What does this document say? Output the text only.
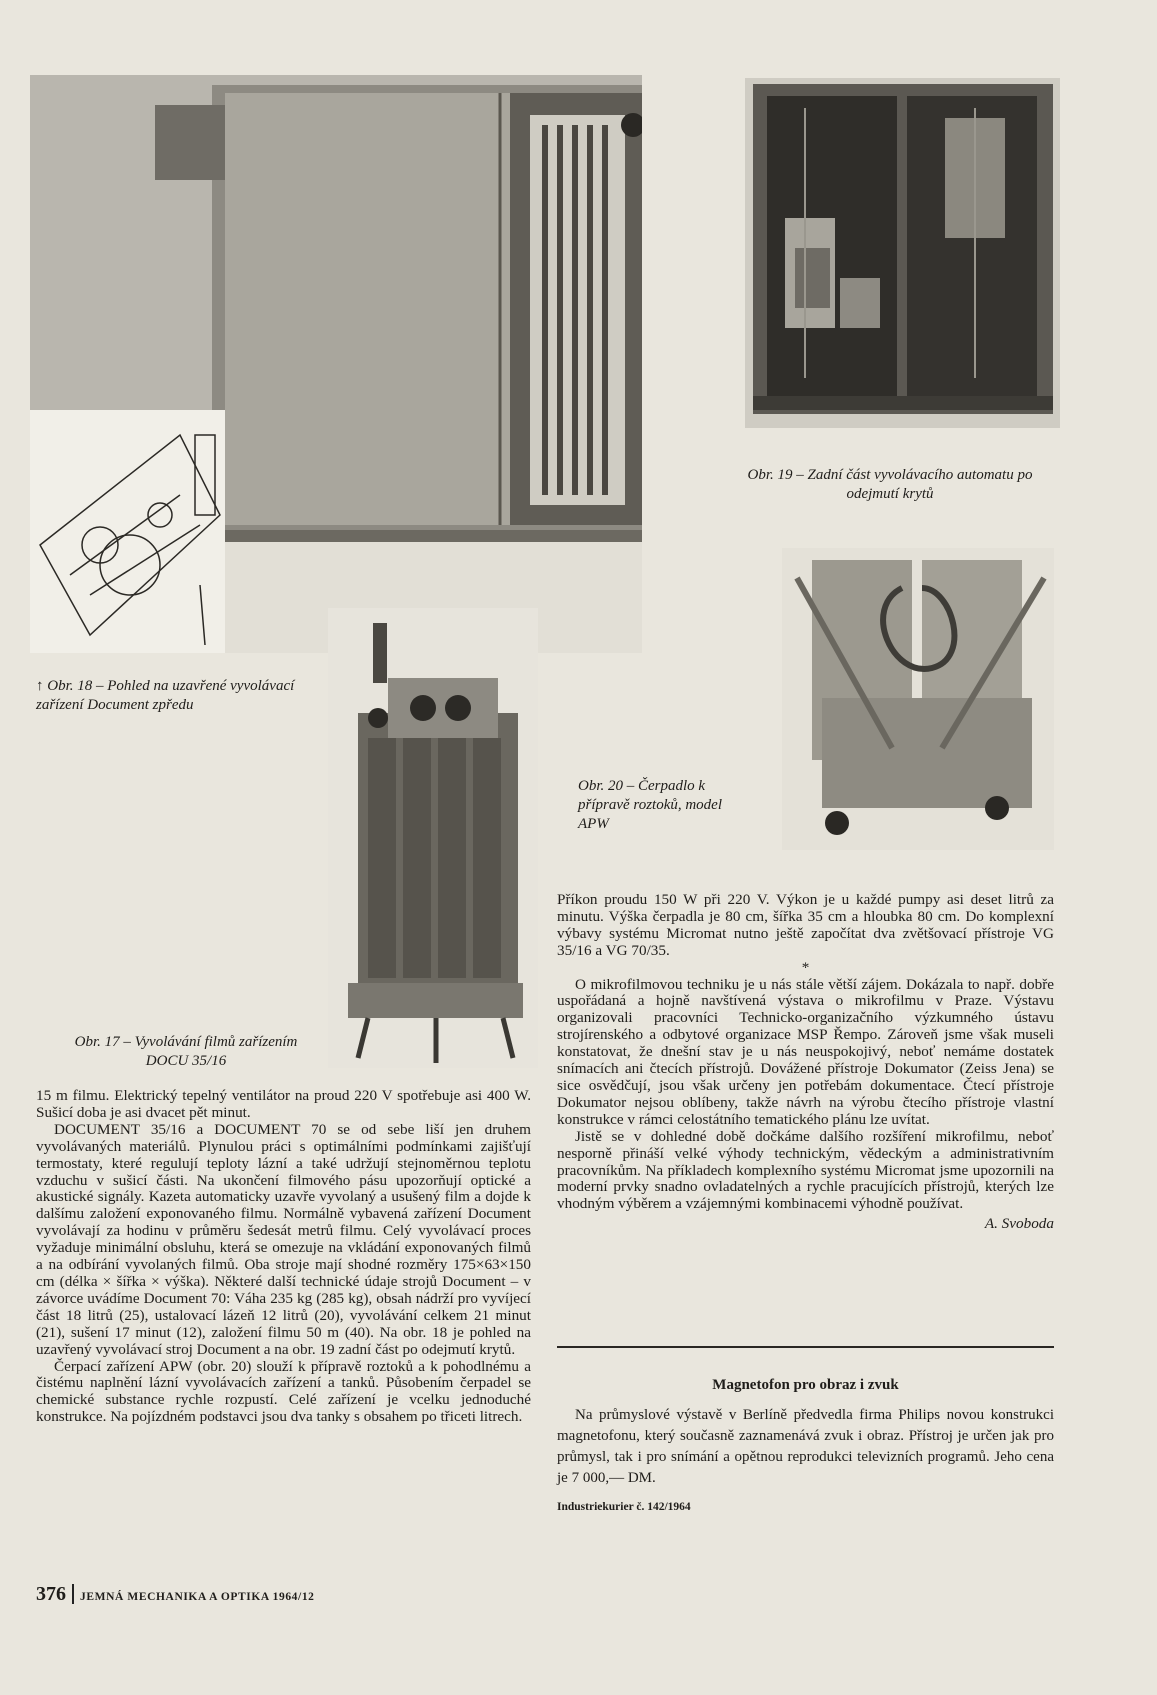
↑ Obr. 18 – Pohled na uzavřené vyvolávací zařízení Document zpředu
Obr. 19 – Zadní část vyvolávacího automatu po odejmutí krytů
Obr. 20 – Čerpadlo k přípravě roztoků, model APW
Obr. 17 – Vyvolávání filmů zařízením DOCU 35/16

15 m filmu. Elektrický tepelný ventilátor na proud 220 V spotřebuje asi 400 W. Sušicí doba je asi dvacet pět minut.

DOCUMENT 35/16 a DOCUMENT 70 se od sebe liší jen druhem vyvolávaných materiálů. Plynulou práci s optimálními podmínkami zajišťují termostaty, které regulují teploty lázní a také udržují stejnoměrnou teplotu vzduchu v sušicí části. Na ukončení filmového pásu upozorňují optické a akustické signály. Kazeta automaticky uzavře vyvolaný a usušený film a dojde k dalšímu založení exponovaného filmu. Normálně vybavená zařízení Document vyvolávají za hodinu v průměru šedesát metrů filmu. Celý vyvolávací proces vyžaduje minimální obsluhu, která se omezuje na vkládání exponovaných filmů a na odbírání vyvolaných filmů. Oba stroje mají shodné rozměry 175×63×150 cm (délka × šířka × výška). Některé další technické údaje strojů Document – v závorce uvádíme Document 70: Váha 235 kg (285 kg), obsah nádrží pro vyvíjecí část 18 litrů (25), ustalovací lázeň 12 litrů (20), vyvolávání celkem 21 minut (21), sušení 17 minut (12), založení filmu 50 m (40). Na obr. 18 je pohled na uzavřený vyvolávací stroj Document a na obr. 19 zadní část po odejmutí krytů.

Čerpací zařízení APW (obr. 20) slouží k přípravě roztoků a k pohodlnému a čistému naplnění lázní vyvolávacích zařízení a tanků. Působením čerpadel se chemické substance rychle rozpustí. Celé zařízení je vcelku jednoduché konstrukce. Na pojízdném podstavci jsou dva tanky s obsahem po třiceti litrech.

Příkon proudu 150 W při 220 V. Výkon je u každé pumpy asi deset litrů za minutu. Výška čerpadla je 80 cm, šířka 35 cm a hloubka 80 cm. Do komplexní výbavy systému Micromat nutno ještě započítat dva zvětšovací přístroje VG 35/16 a VG 70/35.

*

O mikrofilmovou techniku je u nás stále větší zájem. Dokázala to např. dobře uspořádaná a hojně navštívená výstava o mikrofilmu v Praze. Výstavu organizovali pracovníci Technicko-organizačního výzkumného ústavu strojírenského a odbytové organizace MSP Řempo. Zároveň jsme však museli konstatovat, že dnešní stav je u nás neuspokojivý, neboť nemáme dostatek snímacích ani čtecích přístrojů. Dovážené přístroje Dokumator (Zeiss Jena) se sice osvědčují, jsou však určeny jen potřebám dokumentace. Čtecí přístroje Dokumator nejsou oblíbeny, takže návrh na výrobu čtecího přístroje vlastní konstrukce v rámci celostátního tematického plánu lze uvítat.

Jistě se v dohledné době dočkáme dalšího rozšíření mikrofilmu, neboť nesporně přináší velké výhody technickým, vědeckým a administrativním pracovníkům. Na příkladech komplexního systému Micromat jsme upozornili na moderní prvky snadno ovladatelných a rychle pracujících přístrojů, kterých lze vhodným výběrem a vzájemnými kombinacemi výhodně používat.

A. Svoboda

Magnetofon pro obraz i zvuk

Na průmyslové výstavě v Berlíně předvedla firma Philips novou konstrukci magnetofonu, který současně zaznamenává zvuk i obraz. Přístroj je určen jak pro průmysl, tak i pro snímání a opětnou reprodukci televizních programů. Jeho cena je 7 000,— DM.

Industriekurier č. 142/1964

376 JEMNÁ MECHANIKA A OPTIKA 1964/12
